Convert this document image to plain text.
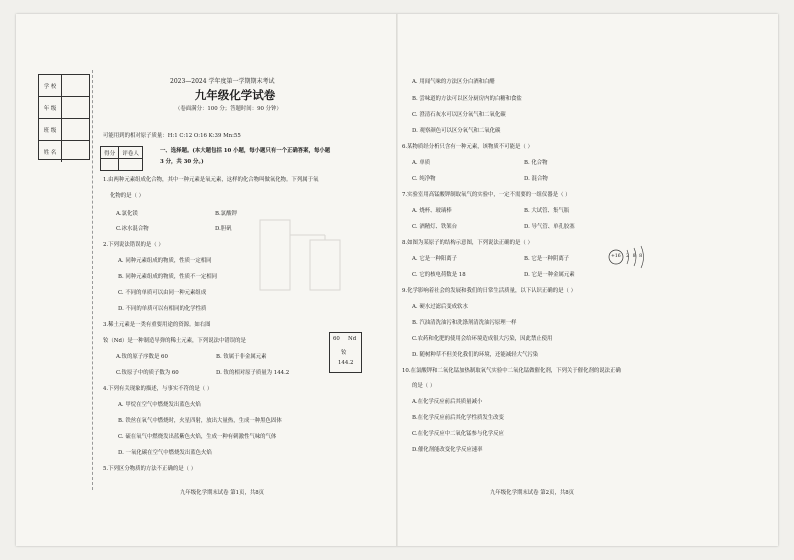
学 校
年 级
班 级
姓 名
2023—2024 学年度第一学期期末考试
九年级化学试卷
（卷面满分：100 分；答题时间：90 分钟）
可能用到的相对原子质量：H:1 C:12 O:16 K:39 Mn:55
得分	评卷人
		一、选择题。(本大题包括 10 小题，每小题只有一个正确答案，每小题
3 分，共 30 分。)
1.由两种元素组成化合物，其中一种元素是氧元素，这样的化合物叫做氧化物。下列属于氧
化物的是（ ）
A.氯化镁	B.氯酸钾
C.冰水混合物	D.胆矾
2.下列说法错误的是（ ）
A. 同种元素组成的物质，性质一定相同
B. 同种元素组成的物质，性质不一定相同
C. 不同的单质可以由同一种元素组成
D. 不同的单质可以有相同的化学性质
3.稀土元素是一类有重要用途的资源。如右图
钕（Nd）是一种制造导弹的稀土元素，下列说法中错误的是
A.钕的原子序数是 60	B. 钕属于非金属元素
C.钕原子中的质子数为 60	D. 钕的相对原子质量为 144.2
60 Nd
钕
144.2
4.下列有关现象的描述，与事实不符的是（ ）
A. 甲烷在空气中燃烧发出蓝色火焰
B. 铁丝在氧气中燃烧时，火星四射，放出大量热，生成一种黑色固体
C. 硫在氧气中燃烧发出蓝紫色火焰，生成一种有刺激性气味的气体
D. 一氧化碳在空气中燃烧发出蓝色火焰
5.下列区分物质的方法不正确的是（ ）
九年级化学期末试卷 第1页，共8页
A. 用闻气味的方法区分白酒和白醋
B. 尝味道的方法可以区分厨房内的白糖和食盐
C. 澄清石灰水可以区分氧气和二氧化碳
D. 观察颜色可以区分氧气和二氧化碳
6.某物质经分析只含有一种元素，该物质不可能是（ ）
A. 单质	B. 化合物
C. 纯净物	D. 混合物
7.实验室用高锰酸钾制取氧气的实验中，一定不需要的一组仪器是（ ）
A. 烧杯、玻璃棒	B. 大试管、集气瓶
C. 酒精灯、铁架台	D. 导气管、单孔胶塞
8.如图为某原子的结构示意图，下列说法正确的是（ ）
A. 它是一种阳离子	B. 它是一种阴离子
C. 它的核电荷数是 18	D. 它是一种金属元素
+16 2 8 8
9.化学影响着社会的发展和我们的日常生活质量，以下认识正确的是（ ）
A. 硬水过滤后变成软水
B. 汽油清洗油污和洗涤剂清洗油污原理一样
C.农药和化肥的使用会给环境造成很大污染，因此禁止使用
D. 随树种草不但美化我们的环境，还能减轻大气污染
10.在氯酸钾和二氧化锰加热制取氧气实验中二氧化锰做催化剂，下列关于催化剂的说法正确
的是（ ）
A.在化学反应前后其质量减小
B.在化学反应前后其化学性质发生改变
C.在化学反应中二氧化锰参与化学反应
D.催化剂能改变化学反应速率
九年级化学期末试卷 第2页，共8页
